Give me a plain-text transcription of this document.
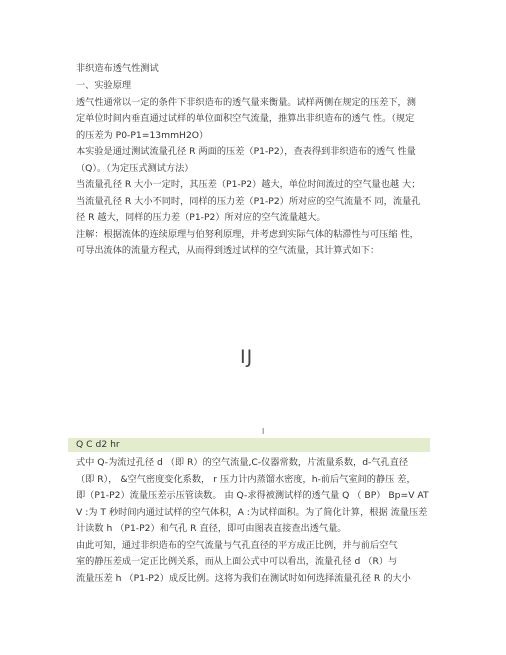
非织造布透气性测试
一、实验原理
透气性通常以一定的条件下非织造布的透气量来衡量。试样两侧在规定的压差下，测
定单位时间内垂直通过试样的单位面积空气流量，推算出非织造布的透气 性。（规定
的压差为 P0-P1=13mmH2O）
本实验是通过测试流量孔径 R 两面的压差（P1-P2），查表得到非织造布的透气 性量
（Q）。（为定压式测试方法）
当流量孔径 R 大小一定时，其压差（P1-P2）越大，单位时间流过的空气量也越 大；
当流量孔径 R 大小不同时，同样的压力差（P1-P2）所对应的空气流量不 同，流量孔
径 R 越大，同样的压力差（P1-P2）所对应的空气流量越大。
注解：根据流体的连续原理与伯努利原理，并考虑到实际气体的粘滞性与可压缩 性，
可导出流体的流量方程式，从而得到透过试样的空气流量，其计算式如下：
IJ
l
Q C d2 hr
式中 Q-为流过孔径 d （即 R）的空气流量,C-仪器常数，片流量系数，d-气孔直径
（即 R）， &空气密度变化系数， r 压力计内蒸馏水密度，h-前后气室间的静压 差，
即（P1-P2）流量压差示压管读数。 由 Q-求得被测试样的透气量 Q （ BP） Bp=V AT
V :为 T 秒时间内通过试样的空气体积，A :为试样面积。为了简化计算，根据 流量压差
计读数 h （P1-P2）和气孔 R 直径，即可由图表直接查出透气量。
由此可知，通过非织造布的空气流量与气孔直径的平方成正比例，并与前后空气
室的静压差成一定正比例关系，而从上面公式中可以看出，流量孔径 d （R）与
流量压差 h （P1-P2）成反比例。这将为我们在测试时如何选择流量孔径 R 的大小
